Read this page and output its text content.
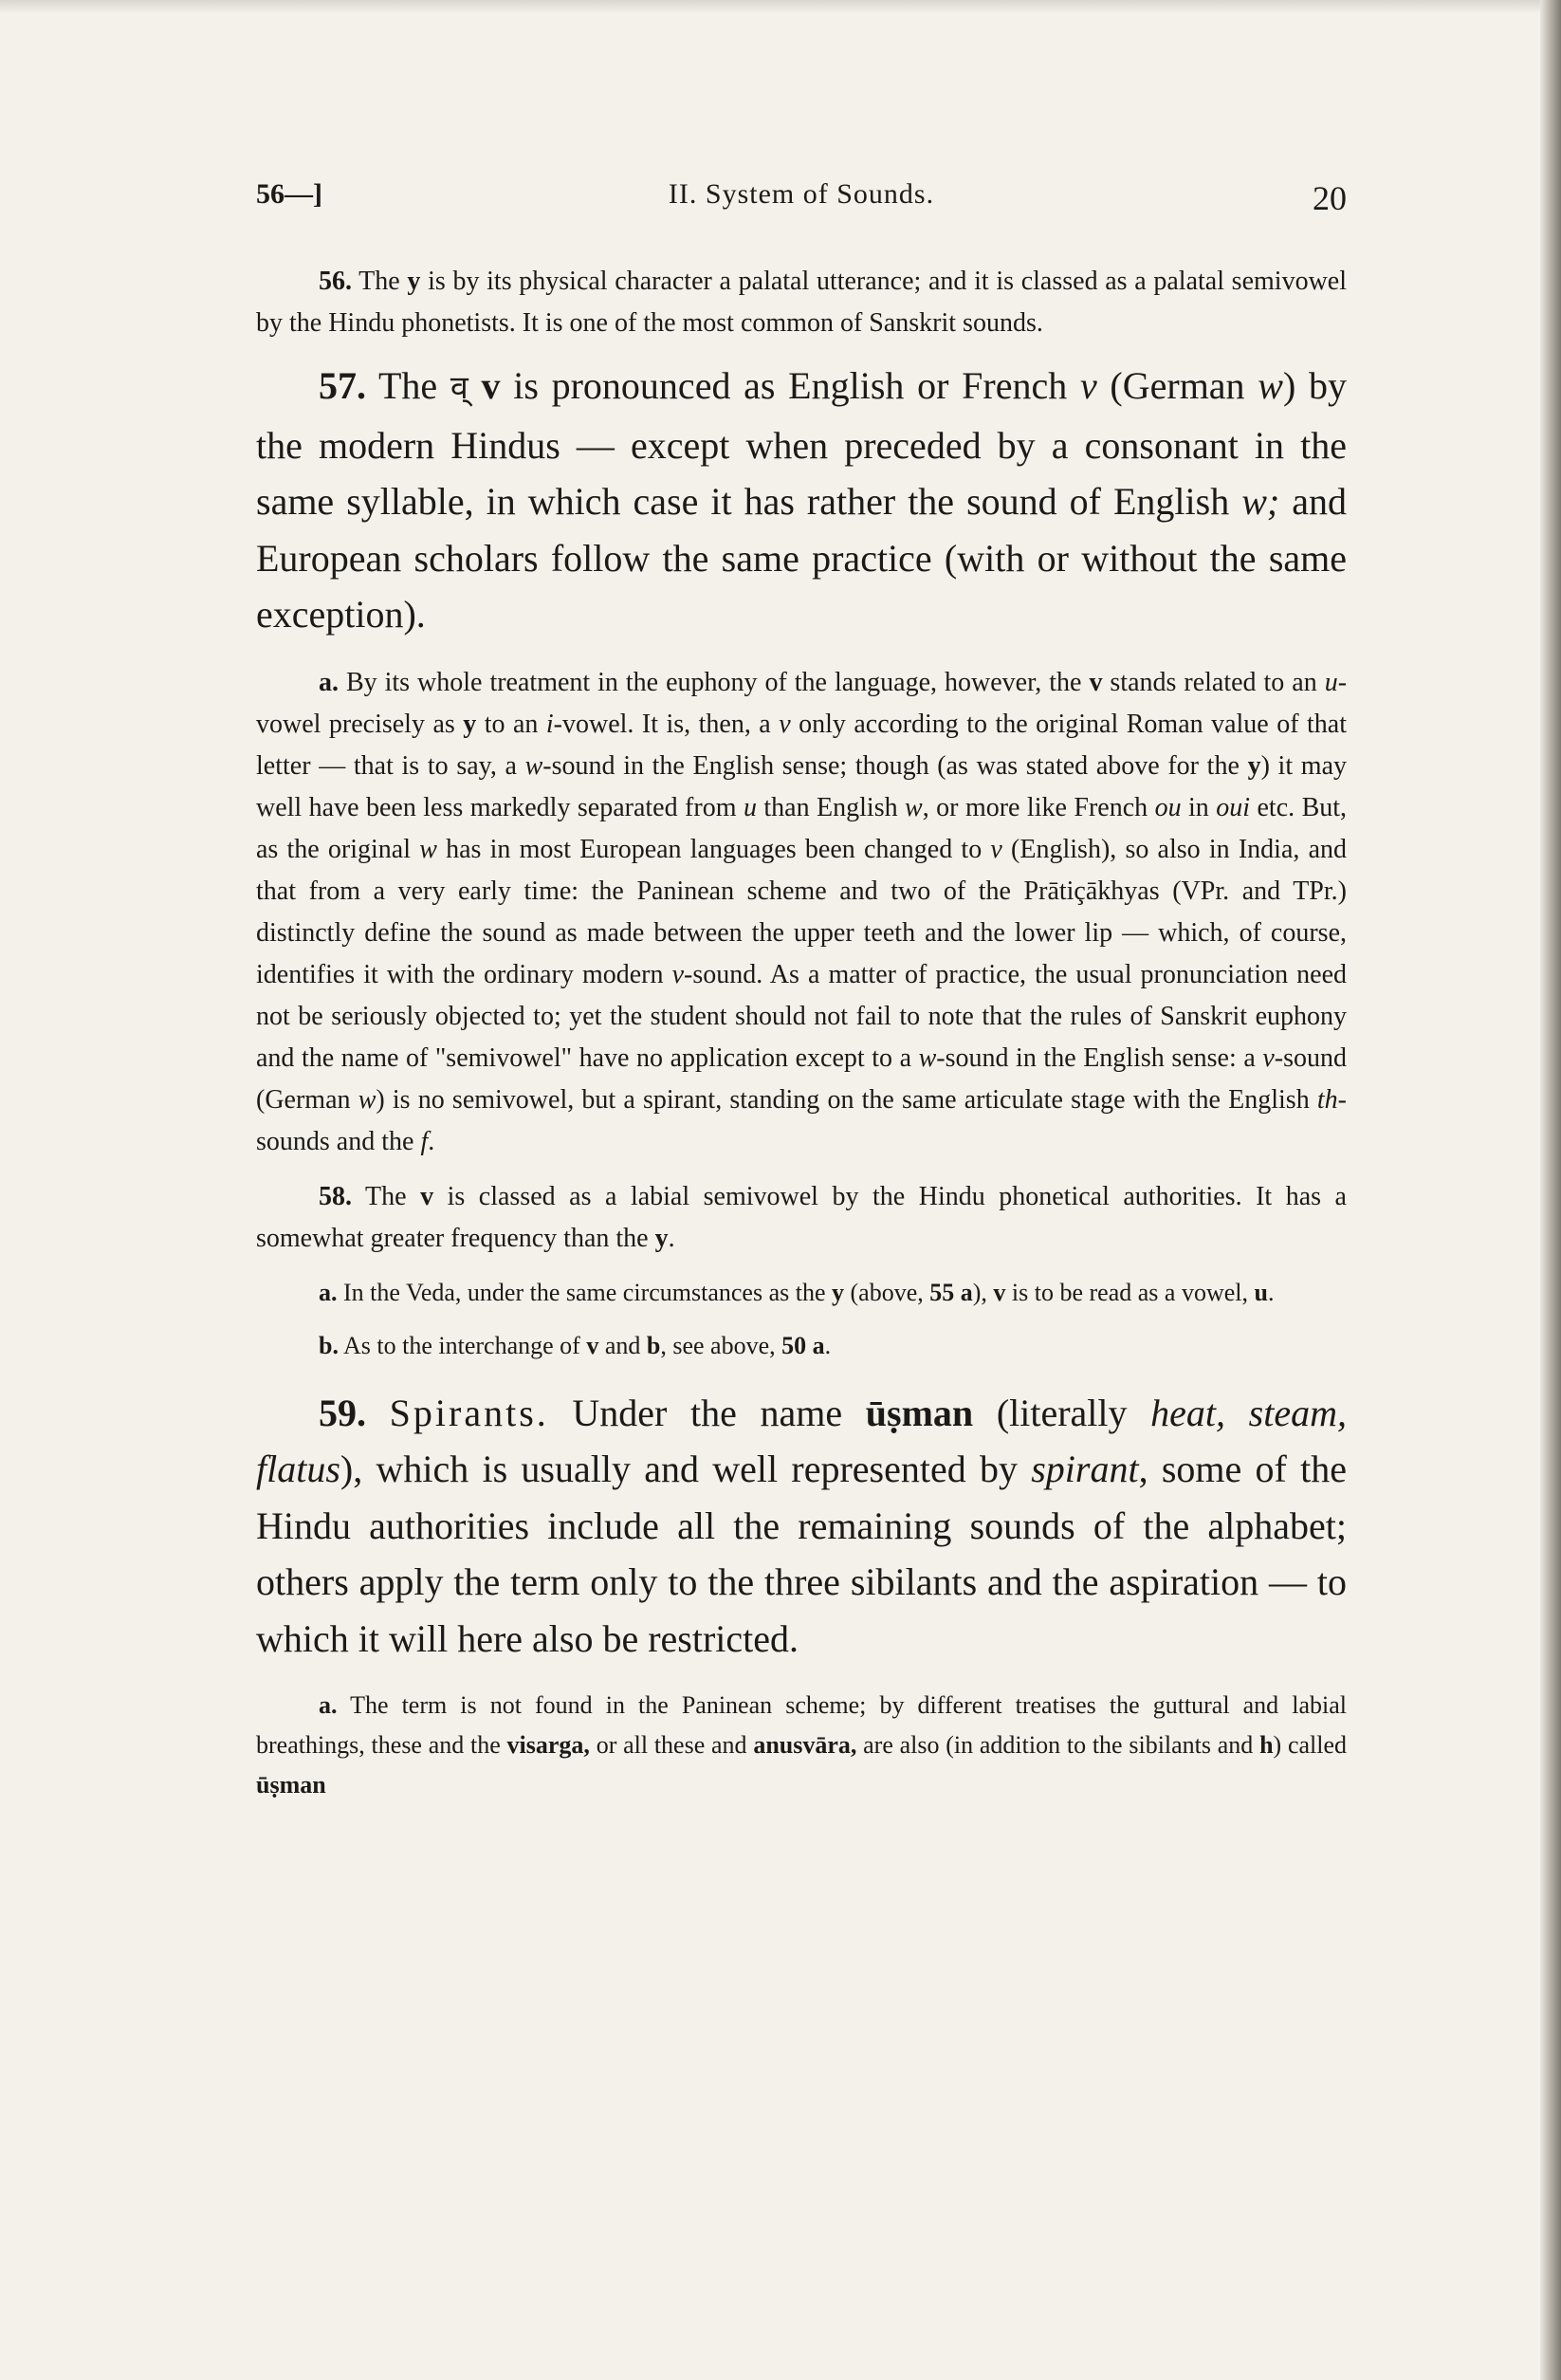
56—]	II. System of Sounds.	20

56. The y is by its physical character a palatal utterance; and it is classed as a palatal semivowel by the Hindu phonetists. It is one of the most common of Sanskrit sounds.

57. The व् v is pronounced as English or French v (German w) by the modern Hindus — except when preceded by a consonant in the same syllable, in which case it has rather the sound of English w; and European scholars follow the same practice (with or without the same exception).

a. By its whole treatment in the euphony of the language, however, the v stands related to an u-vowel precisely as y to an i-vowel. It is, then, a v only according to the original Roman value of that letter — that is to say, a w-sound in the English sense; though (as was stated above for the y) it may well have been less markedly separated from u than English w, or more like French ou in oui etc. But, as the original w has in most European languages been changed to v (English), so also in India, and that from a very early time: the Paninean scheme and two of the Prātiçākhyas (VPr. and TPr.) distinctly define the sound as made between the upper teeth and the lower lip — which, of course, identifies it with the ordinary modern v-sound. As a matter of practice, the usual pronunciation need not be seriously objected to; yet the student should not fail to note that the rules of Sanskrit euphony and the name of "semivowel" have no application except to a w-sound in the English sense: a v-sound (German w) is no semivowel, but a spirant, standing on the same articulate stage with the English th-sounds and the f.

58. The v is classed as a labial semivowel by the Hindu phonetical authorities. It has a somewhat greater frequency than the y.

a. In the Veda, under the same circumstances as the y (above, 55 a), v is to be read as a vowel, u.

b. As to the interchange of v and b, see above, 50 a.

59. Spirants. Under the name ūṣman (literally heat, steam, flatus), which is usually and well represented by spirant, some of the Hindu authorities include all the remaining sounds of the alphabet; others apply the term only to the three sibilants and the aspiration — to which it will here also be restricted.

a. The term is not found in the Paninean scheme; by different treatises the guttural and labial breathings, these and the visarga, or all these and anusvāra, are also (in addition to the sibilants and h) called ūṣman
